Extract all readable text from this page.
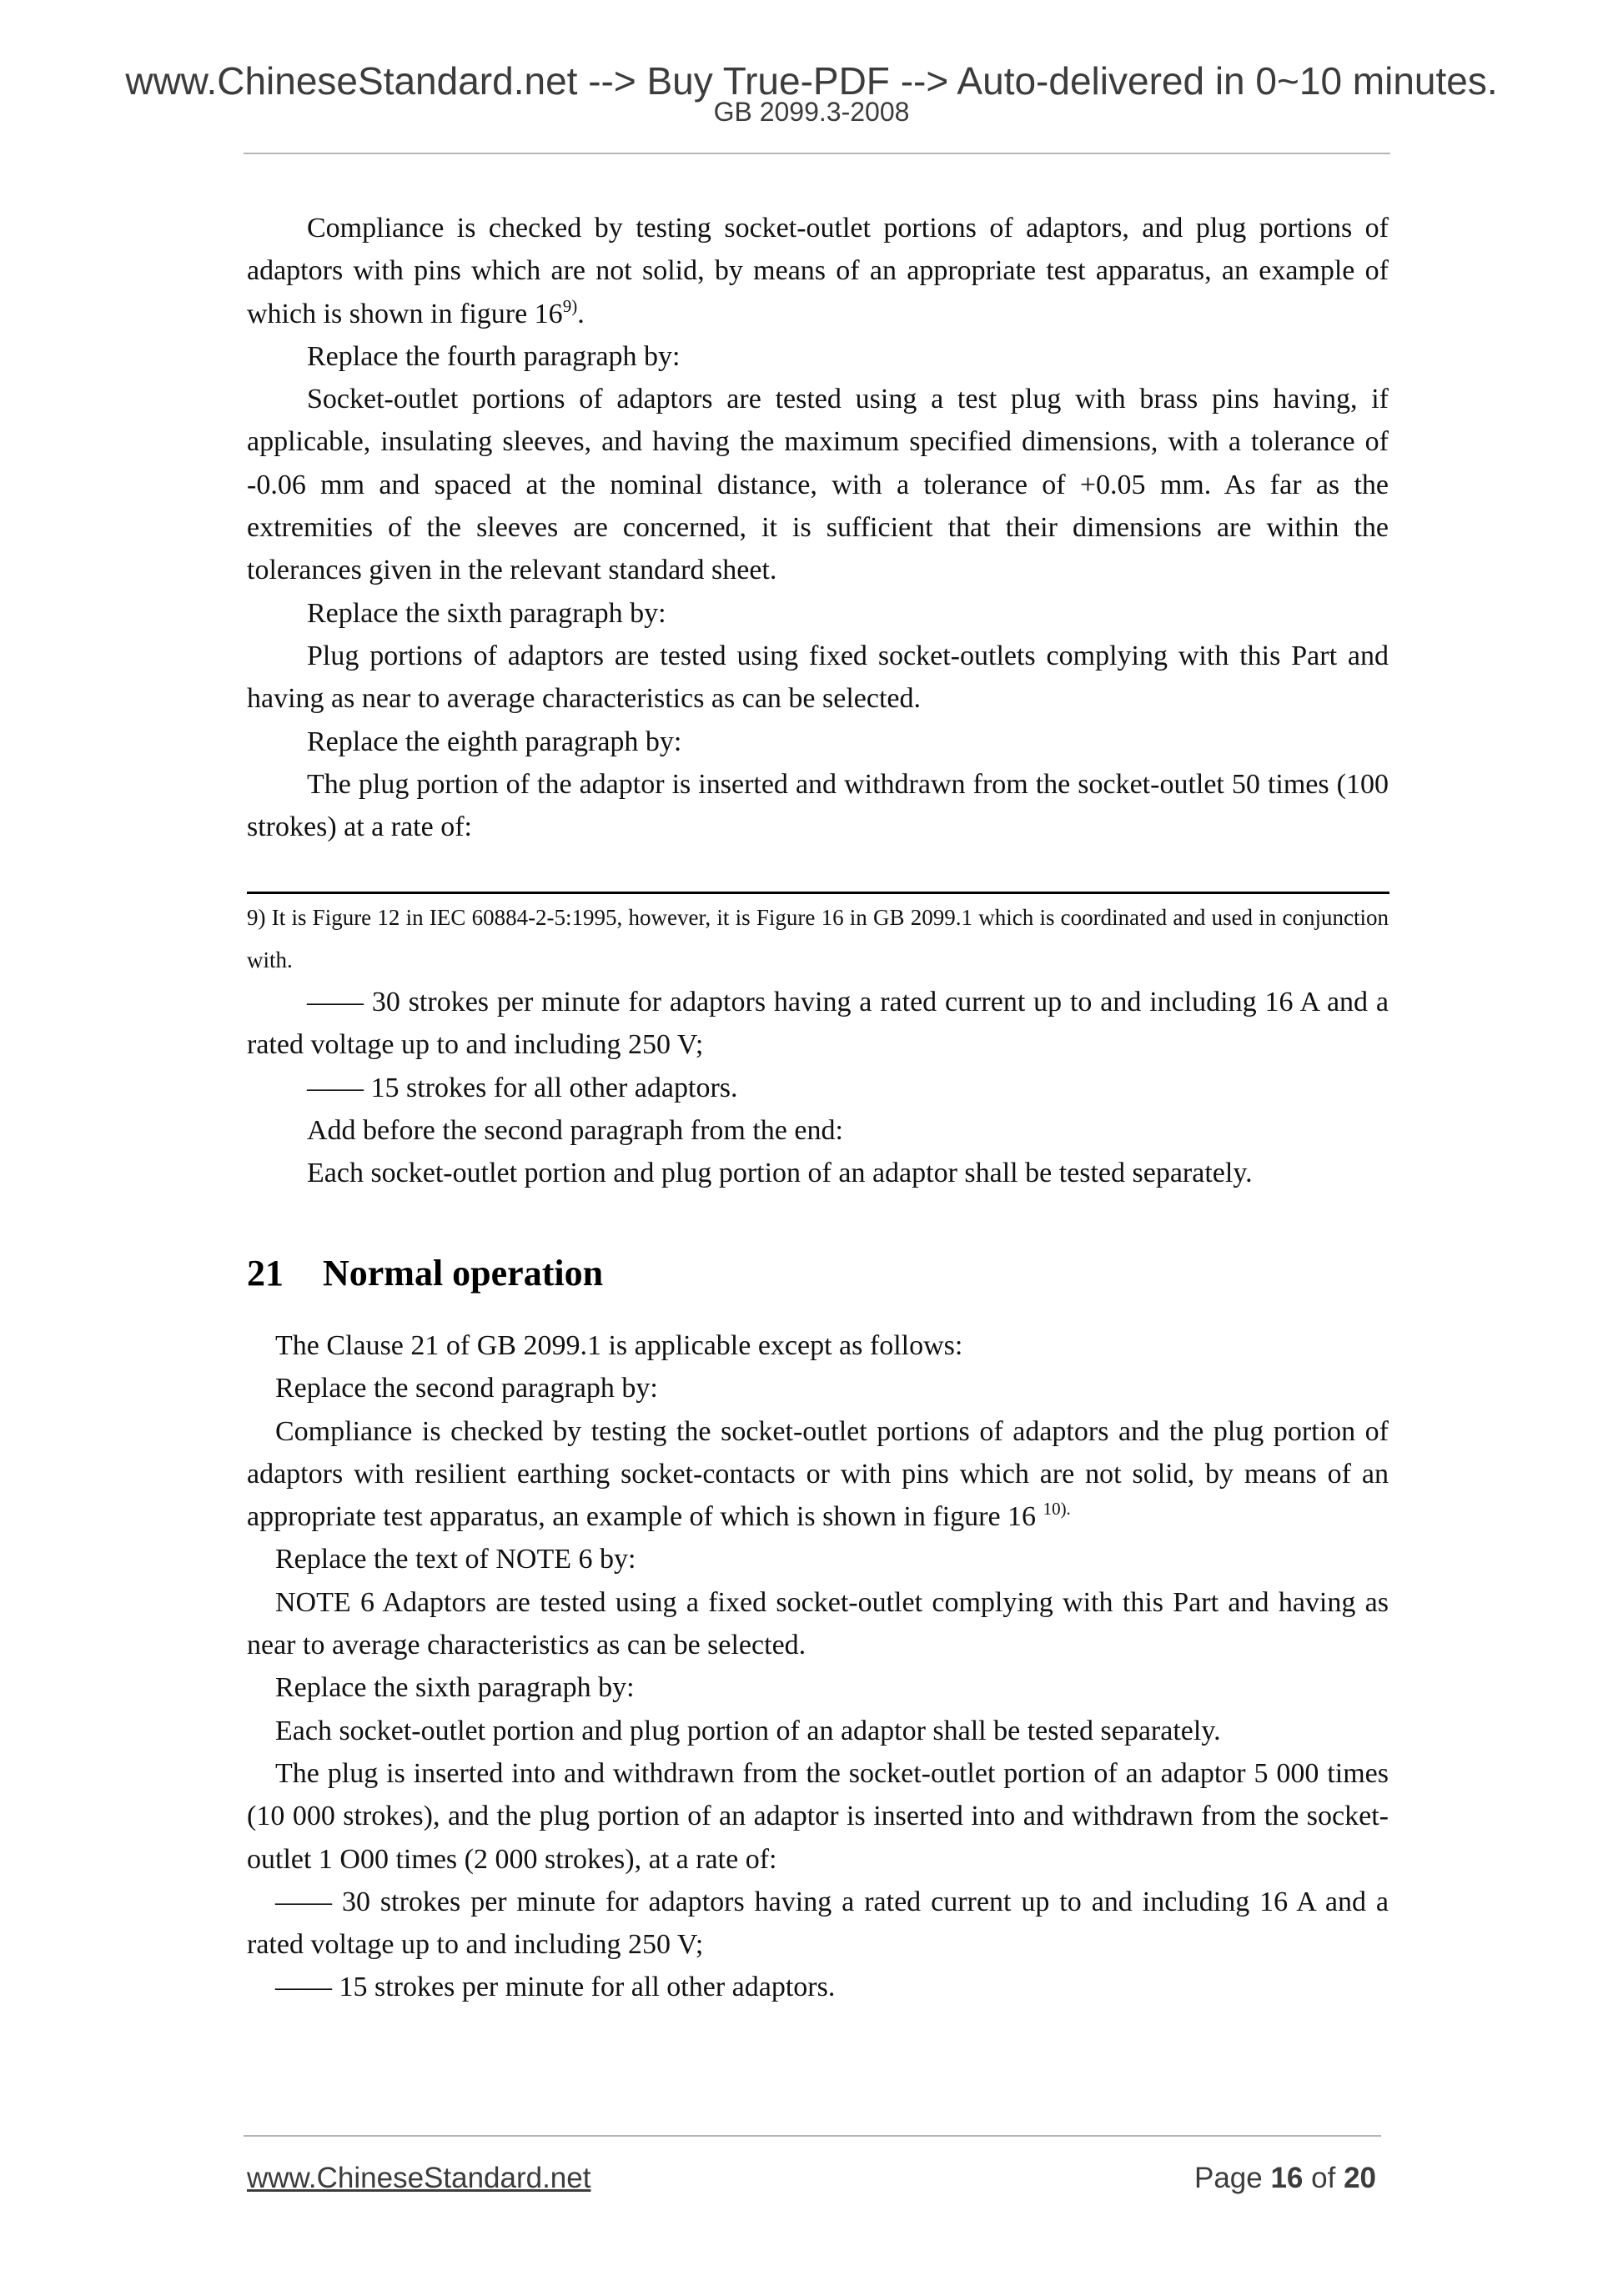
www.ChineseStandard.net --> Buy True-PDF --> Auto-delivered in 0~10 minutes.
GB 2099.3-2008

Compliance is checked by testing socket-outlet portions of adaptors, and plug portions of adaptors with pins which are not solid, by means of an appropriate test apparatus, an example of which is shown in figure 16$^{9)}$.

Replace the fourth paragraph by:

Socket-outlet portions of adaptors are tested using a test plug with brass pins having, if applicable, insulating sleeves, and having the maximum specified dimensions, with a tolerance of -0.06 mm and spaced at the nominal distance, with a tolerance of +0.05 mm. As far as the extremities of the sleeves are concerned, it is sufficient that their dimensions are within the tolerances given in the relevant standard sheet.

Replace the sixth paragraph by:

Plug portions of adaptors are tested using fixed socket-outlets complying with this Part and having as near to average characteristics as can be selected.

Replace the eighth paragraph by:

The plug portion of the adaptor is inserted and withdrawn from the socket-outlet 50 times (100 strokes) at a rate of:

9) It is Figure 12 in IEC 60884-2-5:1995, however, it is Figure 16 in GB 2099.1 which is coordinated and used in conjunction with.

—— 30 strokes per minute for adaptors having a rated current up to and including 16 A and a rated voltage up to and including 250 V;

—— 15 strokes for all other adaptors.

Add before the second paragraph from the end:

Each socket-outlet portion and plug portion of an adaptor shall be tested separately.

21 Normal operation

The Clause 21 of GB 2099.1 is applicable except as follows:

Replace the second paragraph by:

Compliance is checked by testing the socket-outlet portions of adaptors and the plug portion of adaptors with resilient earthing socket-contacts or with pins which are not solid, by means of an appropriate test apparatus, an example of which is shown in figure 16 $^{10).}$

Replace the text of NOTE 6 by:

NOTE 6 Adaptors are tested using a fixed socket-outlet complying with this Part and having as near to average characteristics as can be selected.

Replace the sixth paragraph by:

Each socket-outlet portion and plug portion of an adaptor shall be tested separately.

The plug is inserted into and withdrawn from the socket-outlet portion of an adaptor 5 000 times (10 000 strokes), and the plug portion of an adaptor is inserted into and withdrawn from the socket-outlet 1 O00 times (2 000 strokes), at a rate of:

—— 30 strokes per minute for adaptors having a rated current up to and including 16 A and a rated voltage up to and including 250 V;

—— 15 strokes per minute for all other adaptors.

www.ChineseStandard.net	Page 16 of 20
